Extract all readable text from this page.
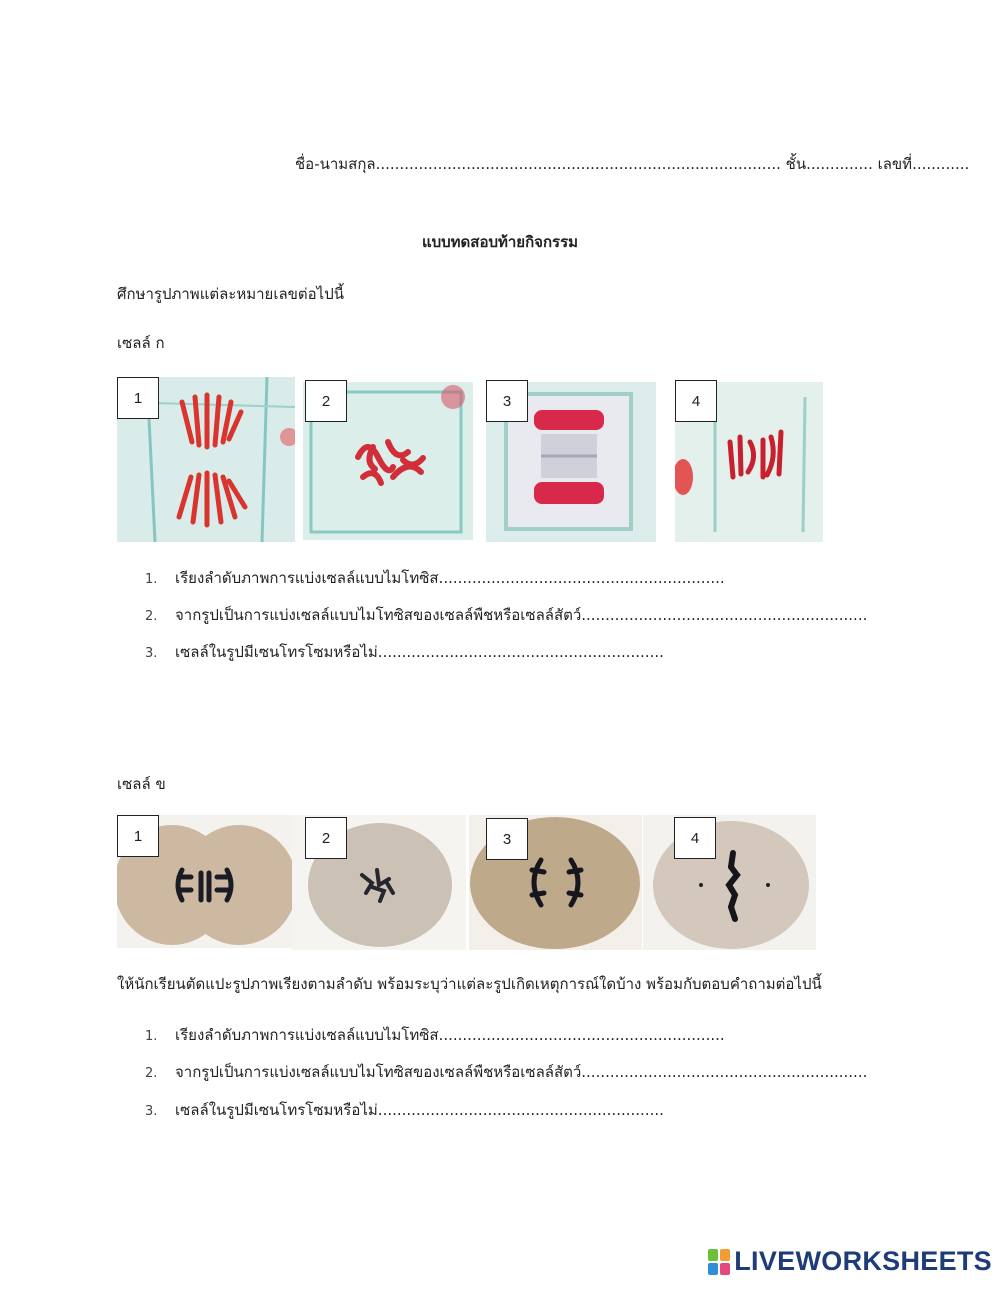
ชื่อ-นามสกุล..................................................................................... ชั้น.............. เลขที่............
แบบทดสอบท้ายกิจกรรม
ศึกษารูปภาพแต่ละหมายเลขต่อไปนี้
เซลล์ ก
1	2	3	4
1. เรียงลำดับภาพการแบ่งเซลล์แบบไมโทซิส............................................................
2. จากรูปเป็นการแบ่งเซลล์แบบไมโทซิสของเซลล์พืชหรือเซลล์สัตว์............................................................
3. เซลล์ในรูปมีเซนโทรโซมหรือไม่............................................................
เซลล์ ข
1	2	3	4
ให้นักเรียนตัดแปะรูปภาพเรียงตามลำดับ พร้อมระบุว่าแต่ละรูปเกิดเหตุการณ์ใดบ้าง พร้อมกับตอบคำถามต่อไปนี้
1. เรียงลำดับภาพการแบ่งเซลล์แบบไมโทซิส............................................................
2. จากรูปเป็นการแบ่งเซลล์แบบไมโทซิสของเซลล์พืชหรือเซลล์สัตว์............................................................
3. เซลล์ในรูปมีเซนโทรโซมหรือไม่............................................................
LIVEWORKSHEETS
